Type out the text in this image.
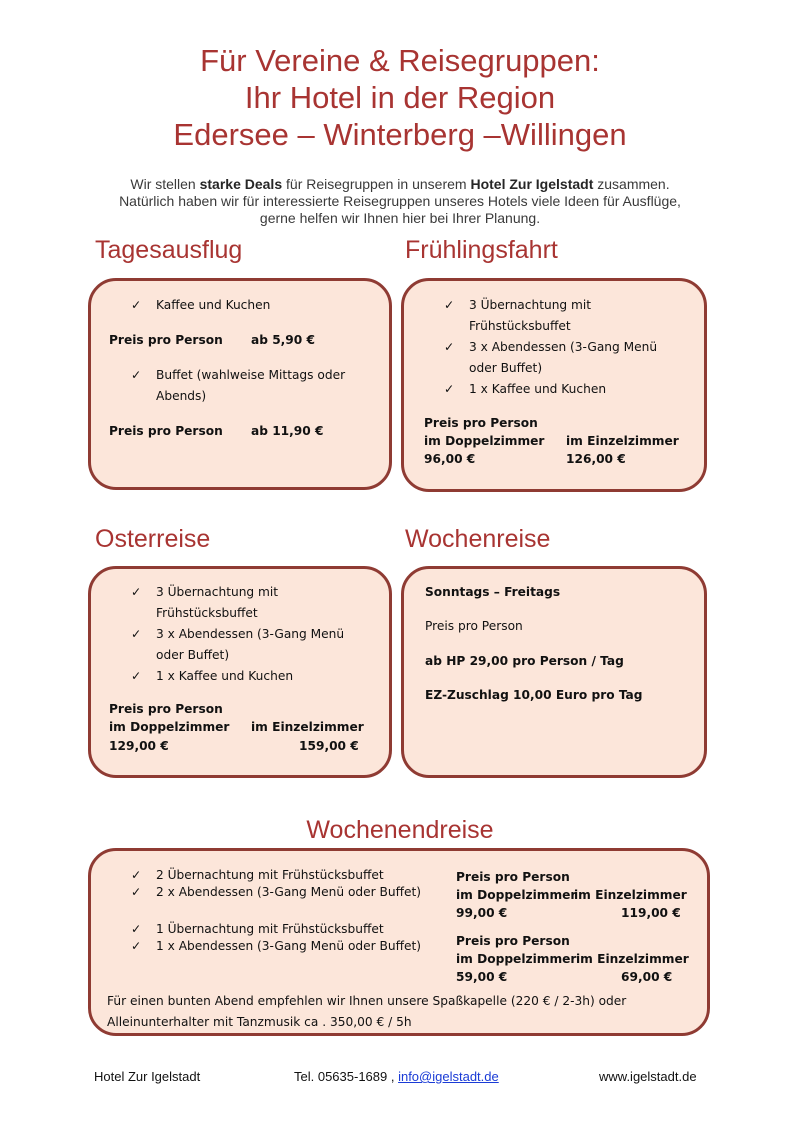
Für Vereine & Reisegruppen:
Ihr Hotel in der Region
Edersee – Winterberg –Willingen
Wir stellen starke Deals für Reisegruppen in unserem Hotel Zur Igelstadt zusammen.
Natürlich haben wir für interessierte Reisegruppen unseres Hotels viele Ideen für Ausflüge,
gerne helfen wir Ihnen hier bei Ihrer Planung.
Tagesausflug
✓ Kaffee und Kuchen
Preis pro Person ab 5,90 €
✓ Buffet (wahlweise Mittags oder
Abends)
Preis pro Person ab 11,90 €
Frühlingsfahrt
✓ 3 Übernachtung mit
Frühstücksbuffet
✓ 3 x Abendessen (3-Gang Menü
oder Buffet)
✓ 1 x Kaffee und Kuchen
Preis pro Person
im Doppelzimmer im Einzelzimmer
96,00 €	126,00 €
Osterreise
✓ 3 Übernachtung mit
Frühstücksbuffet
✓ 3 x Abendessen (3-Gang Menü
oder Buffet)
✓ 1 x Kaffee und Kuchen
Preis pro Person
im Doppelzimmer im Einzelzimmer
129,00 €	159,00 €
Wochenreise
Sonntags – Freitags
Preis pro Person
ab HP 29,00 pro Person / Tag
EZ-Zuschlag 10,00 Euro pro Tag
Wochenendreise
✓ 2 Übernachtung mit Frühstücksbuffet
✓ 2 x Abendessen (3-Gang Menü oder Buffet)
✓ 1 Übernachtung mit Frühstücksbuffet
✓ 1 x Abendessen (3-Gang Menü oder Buffet)
Preis pro Person
im Doppelzimmer
im Einzelzimmer
99,00 €	119,00 €
Preis pro Person
im Doppelzimmer im Einzelzimmer
59,00 €	69,00 €
Für einen bunten Abend empfehlen wir Ihnen unsere Spaßkapelle (220 € / 2-3h) oder
Alleinunterhalter mit Tanzmusik ca . 350,00 € / 5h
Hotel Zur Igelstadt	Tel. 05635-1689 , info@igelstadt.de	www.igelstadt.de
